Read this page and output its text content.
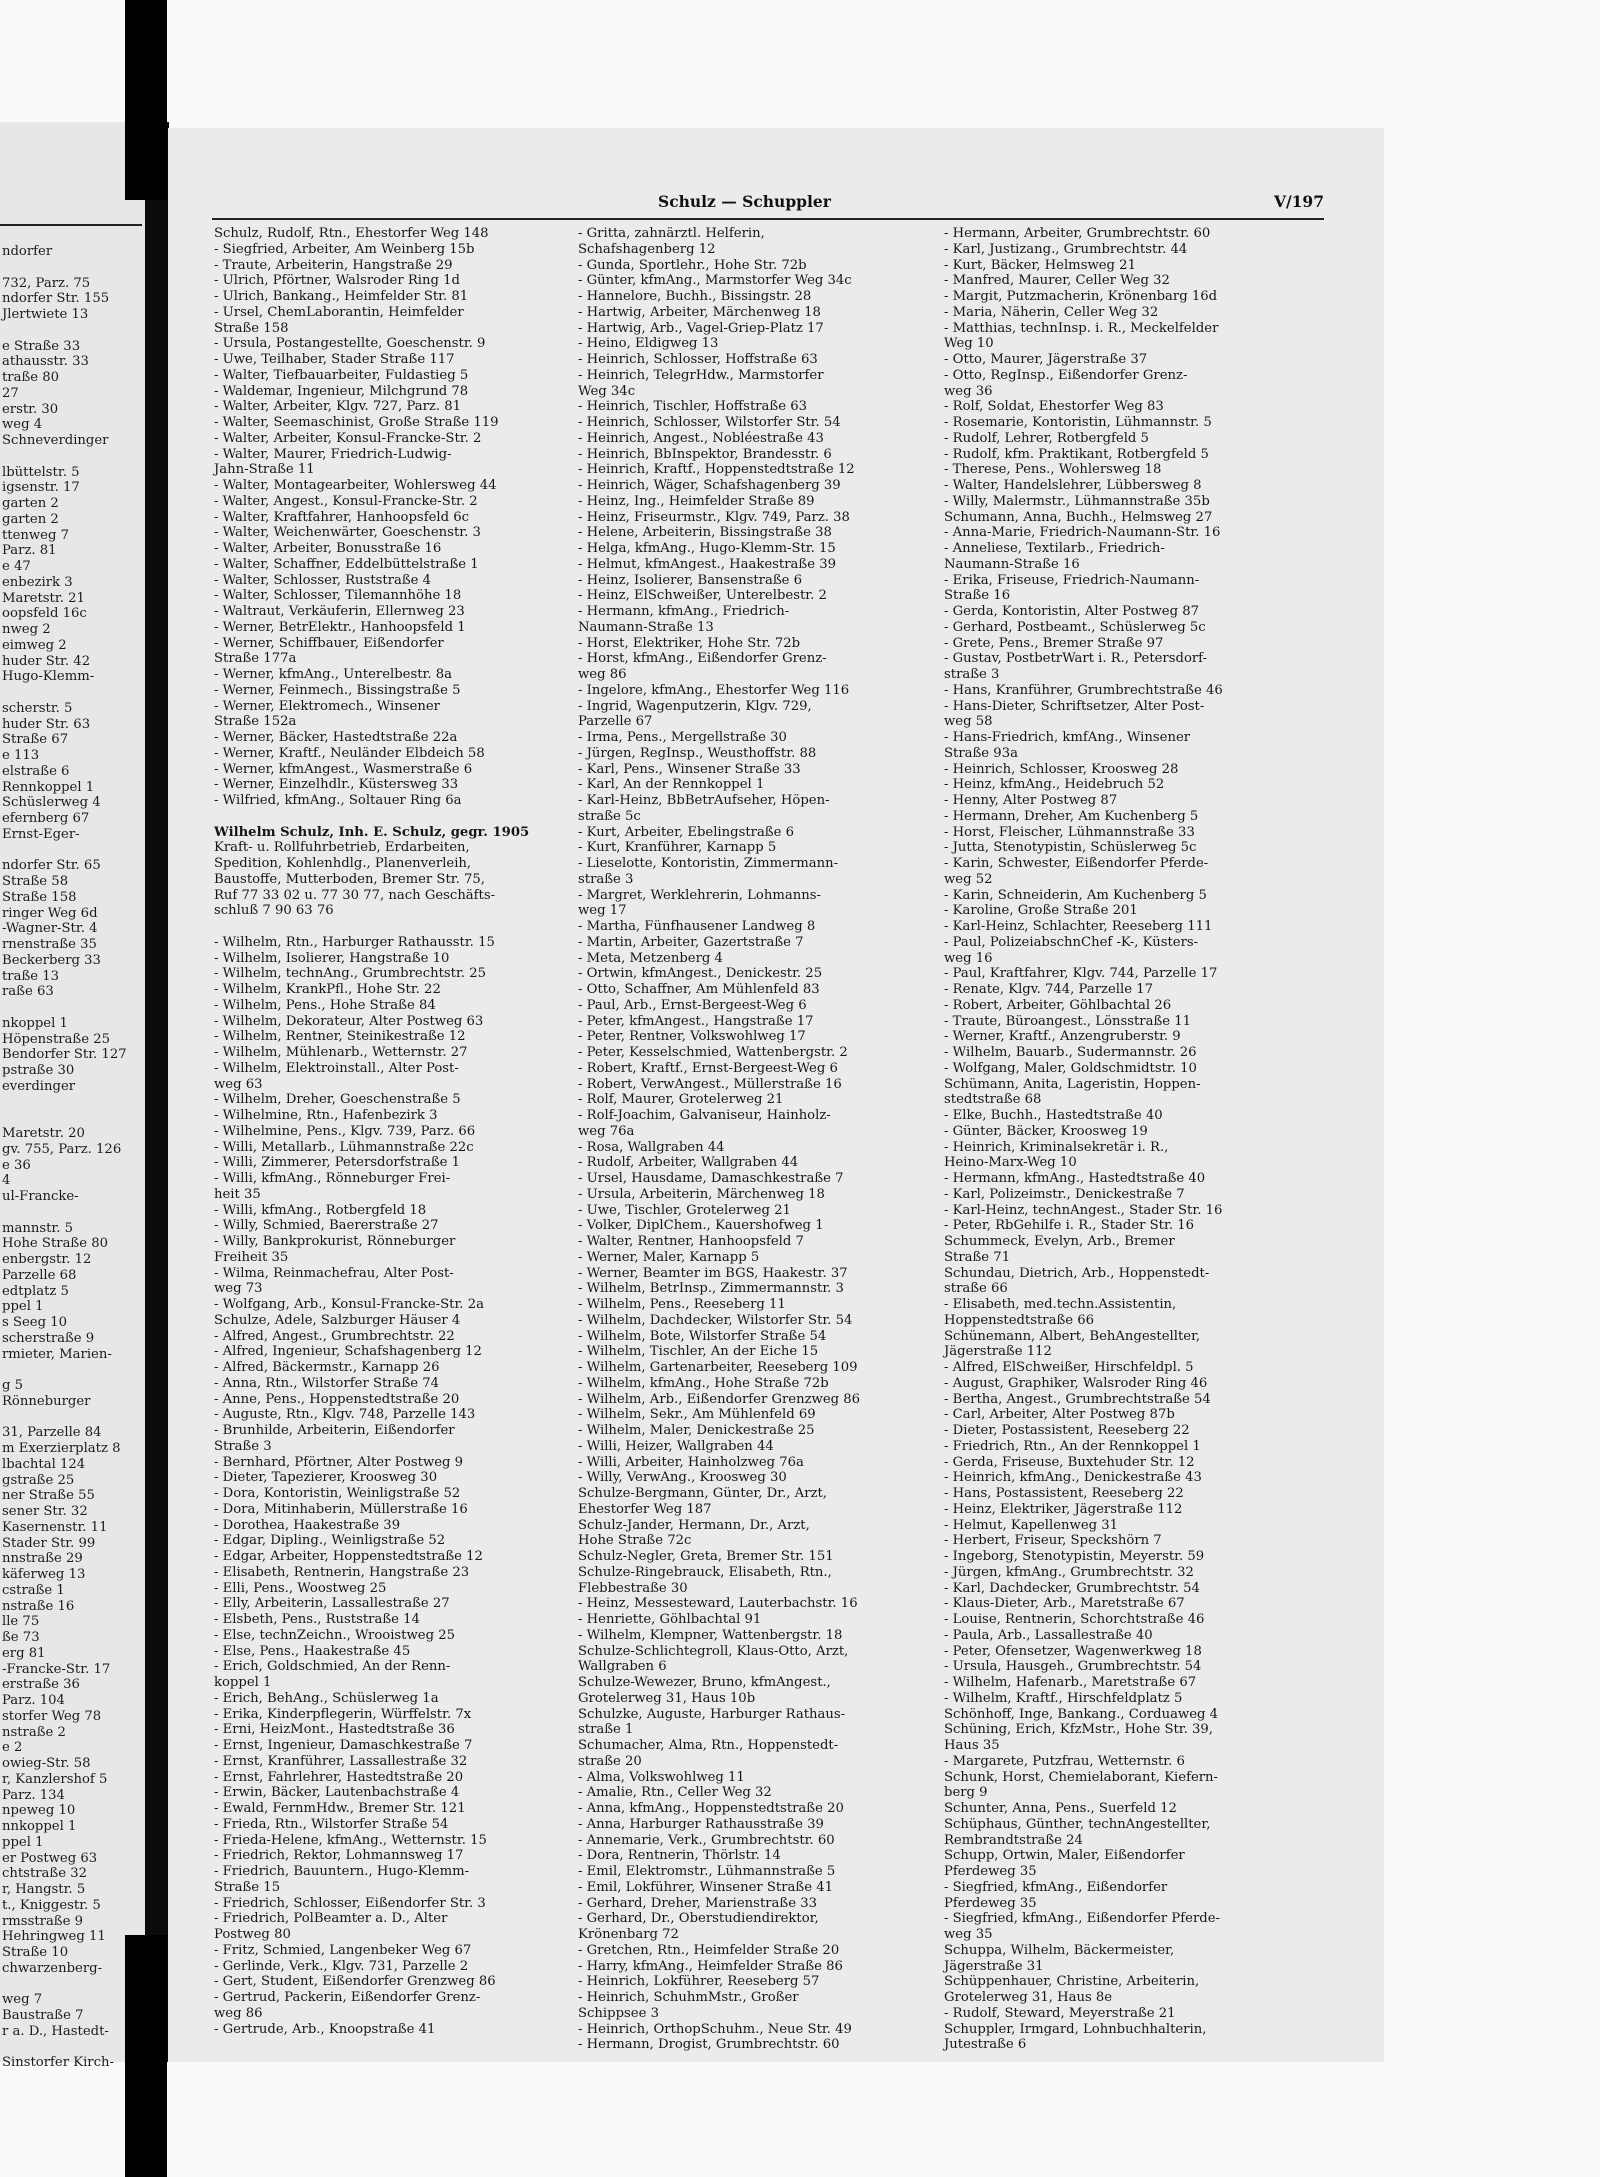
ndorfer
732, Parz. 75
ndorfer Str. 155
Jlertwiete 13
e Straße 33
athausstr. 33
traße 80
27
erstr. 30
weg 4
Schneverdinger
lbüttelstr. 5
igsenstr. 17
garten 2
garten 2
ttenweg 7
Parz. 81
e 47
enbezirk 3
Maretstr. 21
oopsfeld 16c
nweg 2
eimweg 2
huder Str. 42
Hugo-Klemm-
scherstr. 5
huder Str. 63
Straße 67
e 113
elstraße 6
Rennkoppel 1
Schüslerweg 4
efernberg 67
Ernst-Eger-
ndorfer Str. 65
Straße 58
Straße 158
ringer Weg 6d
-Wagner-Str. 4
rnenstraße 35
Beckerberg 33
traße 13
raße 63
nkoppel 1
Höpenstraße 25
Bendorfer Str. 127
pstraße 30
everdinger
Maretstr. 20
gv. 755, Parz. 126
e 36
4
ul-Francke-
mannstr. 5
Hohe Straße 80
enbergstr. 12
Parzelle 68
edtplatz 5
ppel 1
s Seeg 10
scherstraße 9
rmieter, Marien-
g 5
Rönneburger
31, Parzelle 84
m Exerzierplatz 8
lbachtal 124
gstraße 25
ner Straße 55
sener Str. 32
Kasernenstr. 11
Stader Str. 99
nnstraße 29
käferweg 13
cstraße 1
nstraße 16
lle 75
ße 73
erg 81
-Francke-Str. 17
erstraße 36
Parz. 104
storfer Weg 78
nstraße 2
e 2
owieg-Str. 58
r, Kanzlershof 5
Parz. 134
npeweg 10
nnkoppel 1
ppel 1
er Postweg 63
chtstraße 32
r, Hangstr. 5
t., Kniggestr. 5
rmsstraße 9
Hehringweg 11
Straße 10
chwarzenberg-
weg 7
Baustraße 7
r a. D., Hastedt-
Sinstorfer Kirch-
Schulz — Schuppler	V/197
Schulz, Rudolf, Rtn., Ehestorfer Weg 148
- Siegfried, Arbeiter, Am Weinberg 15b
- Traute, Arbeiterin, Hangstraße 29
- Ulrich, Pförtner, Walsroder Ring 1d
- Ulrich, Bankang., Heimfelder Str. 81
- Ursel, ChemLaborantin, Heimfelder
Straße 158
- Ursula, Postangestellte, Goeschenstr. 9
- Uwe, Teilhaber, Stader Straße 117
- Walter, Tiefbauarbeiter, Fuldastieg 5
- Waldemar, Ingenieur, Milchgrund 78
- Walter, Arbeiter, Klgv. 727, Parz. 81
- Walter, Seemaschinist, Große Straße 119
- Walter, Arbeiter, Konsul-Francke-Str. 2
- Walter, Maurer, Friedrich-Ludwig-
Jahn-Straße 11
- Walter, Montagearbeiter, Wohlersweg 44
- Walter, Angest., Konsul-Francke-Str. 2
- Walter, Kraftfahrer, Hanhoopsfeld 6c
- Walter, Weichenwärter, Goeschenstr. 3
- Walter, Arbeiter, Bonusstraße 16
- Walter, Schaffner, Eddelbüttelstraße 1
- Walter, Schlosser, Ruststraße 4
- Walter, Schlosser, Tilemannhöhe 18
- Waltraut, Verkäuferin, Ellernweg 23
- Werner, BetrElektr., Hanhoopsfeld 1
- Werner, Schiffbauer, Eißendorfer
Straße 177a
- Werner, kfmAng., Unterelbestr. 8a
- Werner, Feinmech., Bissingstraße 5
- Werner, Elektromech., Winsener
Straße 152a
- Werner, Bäcker, Hastedtstraße 22a
- Werner, Kraftf., Neuländer Elbdeich 58
- Werner, kfmAngest., Wasmerstraße 6
- Werner, Einzelhdlr., Küstersweg 33
- Wilfried, kfmAng., Soltauer Ring 6a
Wilhelm Schulz, Inh. E. Schulz, gegr. 1905
Kraft- u. Rollfuhrbetrieb, Erdarbeiten,
Spedition, Kohlenhdlg., Planenverleih,
Baustoffe, Mutterboden, Bremer Str. 75,
Ruf 77 33 02 u. 77 30 77, nach Geschäfts-
schluß 7 90 63 76
- Wilhelm, Rtn., Harburger Rathausstr. 15
- Wilhelm, Isolierer, Hangstraße 10
- Wilhelm, technAng., Grumbrechtstr. 25
- Wilhelm, KrankPfl., Hohe Str. 22
- Wilhelm, Pens., Hohe Straße 84
- Wilhelm, Dekorateur, Alter Postweg 63
- Wilhelm, Rentner, Steinikestraße 12
- Wilhelm, Mühlenarb., Wetternstr. 27
- Wilhelm, Elektroinstall., Alter Post-
weg 63
- Wilhelm, Dreher, Goeschenstraße 5
- Wilhelmine, Rtn., Hafenbezirk 3
- Wilhelmine, Pens., Klgv. 739, Parz. 66
- Willi, Metallarb., Lühmannstraße 22c
- Willi, Zimmerer, Petersdorfstraße 1
- Willi, kfmAng., Rönneburger Frei-
heit 35
- Willi, kfmAng., Rotbergfeld 18
- Willy, Schmied, Baererstraße 27
- Willy, Bankprokurist, Rönneburger
Freiheit 35
- Wilma, Reinmachefrau, Alter Post-
weg 73
- Wolfgang, Arb., Konsul-Francke-Str. 2a
Schulze, Adele, Salzburger Häuser 4
- Alfred, Angest., Grumbrechtstr. 22
- Alfred, Ingenieur, Schafshagenberg 12
- Alfred, Bäckermstr., Karnapp 26
- Anna, Rtn., Wilstorfer Straße 74
- Anne, Pens., Hoppenstedtstraße 20
- Auguste, Rtn., Klgv. 748, Parzelle 143
- Brunhilde, Arbeiterin, Eißendorfer
Straße 3
- Bernhard, Pförtner, Alter Postweg 9
- Dieter, Tapezierer, Kroosweg 30
- Dora, Kontoristin, Weinligstraße 52
- Dora, Mitinhaberin, Müllerstraße 16
- Dorothea, Haakestraße 39
- Edgar, Dipling., Weinligstraße 52
- Edgar, Arbeiter, Hoppenstedtstraße 12
- Elisabeth, Rentnerin, Hangstraße 23
- Elli, Pens., Woostweg 25
- Elly, Arbeiterin, Lassallestraße 27
- Elsbeth, Pens., Ruststraße 14
- Else, technZeichn., Wrooistweg 25
- Else, Pens., Haakestraße 45
- Erich, Goldschmied, An der Renn-
koppel 1
- Erich, BehAng., Schüslerweg 1a
- Erika, Kinderpflegerin, Würffelstr. 7x
- Erni, HeizMont., Hastedtstraße 36
- Ernst, Ingenieur, Damaschkestraße 7
- Ernst, Kranführer, Lassallestraße 32
- Ernst, Fahrlehrer, Hastedtstraße 20
- Erwin, Bäcker, Lautenbachstraße 4
- Ewald, FernmHdw., Bremer Str. 121
- Frieda, Rtn., Wilstorfer Straße 54
- Frieda-Helene, kfmAng., Wetternstr. 15
- Friedrich, Rektor, Lohmannsweg 17
- Friedrich, Bauuntern., Hugo-Klemm-
Straße 15
- Friedrich, Schlosser, Eißendorfer Str. 3
- Friedrich, PolBeamter a. D., Alter
Postweg 80
- Fritz, Schmied, Langenbeker Weg 67
- Gerlinde, Verk., Klgv. 731, Parzelle 2
- Gert, Student, Eißendorfer Grenzweg 86
- Gertrud, Packerin, Eißendorfer Grenz-
weg 86
- Gertrude, Arb., Knoopstraße 41
- Gritta, zahnärztl. Helferin,
Schafshagenberg 12
- Gunda, Sportlehr., Hohe Str. 72b
- Günter, kfmAng., Marmstorfer Weg 34c
- Hannelore, Buchh., Bissingstr. 28
- Hartwig, Arbeiter, Märchenweg 18
- Hartwig, Arb., Vagel-Griep-Platz 17
- Heino, Eldigweg 13
- Heinrich, Schlosser, Hoffstraße 63
- Heinrich, TelegrHdw., Marmstorfer
Weg 34c
- Heinrich, Tischler, Hoffstraße 63
- Heinrich, Schlosser, Wilstorfer Str. 54
- Heinrich, Angest., Nobléestraße 43
- Heinrich, BbInspektor, Brandesstr. 6
- Heinrich, Kraftf., Hoppenstedtstraße 12
- Heinrich, Wäger, Schafshagenberg 39
- Heinz, Ing., Heimfelder Straße 89
- Heinz, Friseurmstr., Klgv. 749, Parz. 38
- Helene, Arbeiterin, Bissingstraße 38
- Helga, kfmAng., Hugo-Klemm-Str. 15
- Helmut, kfmAngest., Haakestraße 39
- Heinz, Isolierer, Bansenstraße 6
- Heinz, ElSchweißer, Unterelbestr. 2
- Hermann, kfmAng., Friedrich-
Naumann-Straße 13
- Horst, Elektriker, Hohe Str. 72b
- Horst, kfmAng., Eißendorfer Grenz-
weg 86
- Ingelore, kfmAng., Ehestorfer Weg 116
- Ingrid, Wagenputzerin, Klgv. 729,
Parzelle 67
- Irma, Pens., Mergellstraße 30
- Jürgen, RegInsp., Weusthoffstr. 88
- Karl, Pens., Winsener Straße 33
- Karl, An der Rennkoppel 1
- Karl-Heinz, BbBetrAufseher, Höpen-
straße 5c
- Kurt, Arbeiter, Ebelingstraße 6
- Kurt, Kranführer, Karnapp 5
- Lieselotte, Kontoristin, Zimmermann-
straße 3
- Margret, Werklehrerin, Lohmanns-
weg 17
- Martha, Fünfhausener Landweg 8
- Martin, Arbeiter, Gazertstraße 7
- Meta, Metzenberg 4
- Ortwin, kfmAngest., Denickestr. 25
- Otto, Schaffner, Am Mühlenfeld 83
- Paul, Arb., Ernst-Bergeest-Weg 6
- Peter, kfmAngest., Hangstraße 17
- Peter, Rentner, Volkswohlweg 17
- Peter, Kesselschmied, Wattenbergstr. 2
- Robert, Kraftf., Ernst-Bergeest-Weg 6
- Robert, VerwAngest., Müllerstraße 16
- Rolf, Maurer, Grotelerweg 21
- Rolf-Joachim, Galvaniseur, Hainholz-
weg 76a
- Rosa, Wallgraben 44
- Rudolf, Arbeiter, Wallgraben 44
- Ursel, Hausdame, Damaschkestraße 7
- Ursula, Arbeiterin, Märchenweg 18
- Uwe, Tischler, Grotelerweg 21
- Volker, DiplChem., Kauershofweg 1
- Walter, Rentner, Hanhoopsfeld 7
- Werner, Maler, Karnapp 5
- Werner, Beamter im BGS, Haakestr. 37
- Wilhelm, BetrInsp., Zimmermannstr. 3
- Wilhelm, Pens., Reeseberg 11
- Wilhelm, Dachdecker, Wilstorfer Str. 54
- Wilhelm, Bote, Wilstorfer Straße 54
- Wilhelm, Tischler, An der Eiche 15
- Wilhelm, Gartenarbeiter, Reeseberg 109
- Wilhelm, kfmAng., Hohe Straße 72b
- Wilhelm, Arb., Eißendorfer Grenzweg 86
- Wilhelm, Sekr., Am Mühlenfeld 69
- Wilhelm, Maler, Denickestraße 25
- Willi, Heizer, Wallgraben 44
- Willi, Arbeiter, Hainholzweg 76a
- Willy, VerwAng., Kroosweg 30
Schulze-Bergmann, Günter, Dr., Arzt,
Ehestorfer Weg 187
Schulz-Jander, Hermann, Dr., Arzt,
Hohe Straße 72c
Schulz-Negler, Greta, Bremer Str. 151
Schulze-Ringebrauck, Elisabeth, Rtn.,
Flebbestraße 30
- Heinz, Messesteward, Lauterbachstr. 16
- Henriette, Göhlbachtal 91
- Wilhelm, Klempner, Wattenbergstr. 18
Schulze-Schlichtegroll, Klaus-Otto, Arzt,
Wallgraben 6
Schulze-Wewezer, Bruno, kfmAngest.,
Grotelerweg 31, Haus 10b
Schulzke, Auguste, Harburger Rathaus-
straße 1
Schumacher, Alma, Rtn., Hoppenstedt-
straße 20
- Alma, Volkswohlweg 11
- Amalie, Rtn., Celler Weg 32
- Anna, kfmAng., Hoppenstedtstraße 20
- Anna, Harburger Rathausstraße 39
- Annemarie, Verk., Grumbrechtstr. 60
- Dora, Rentnerin, Thörlstr. 14
- Emil, Elektromstr., Lühmannstraße 5
- Emil, Lokführer, Winsener Straße 41
- Gerhard, Dreher, Marienstraße 33
- Gerhard, Dr., Oberstudiendirektor,
Krönenbarg 72
- Gretchen, Rtn., Heimfelder Straße 20
- Harry, kfmAng., Heimfelder Straße 86
- Heinrich, Lokführer, Reeseberg 57
- Heinrich, SchuhmMstr., Großer
Schippsee 3
- Heinrich, OrthopSchuhm., Neue Str. 49
- Hermann, Drogist, Grumbrechtstr. 60
- Hermann, Arbeiter, Grumbrechtstr. 60
- Karl, Justizang., Grumbrechtstr. 44
- Kurt, Bäcker, Helmsweg 21
- Manfred, Maurer, Celler Weg 32
- Margit, Putzmacherin, Krönenbarg 16d
- Maria, Näherin, Celler Weg 32
- Matthias, technInsp. i. R., Meckelfelder
Weg 10
- Otto, Maurer, Jägerstraße 37
- Otto, RegInsp., Eißendorfer Grenz-
weg 36
- Rolf, Soldat, Ehestorfer Weg 83
- Rosemarie, Kontoristin, Lühmannstr. 5
- Rudolf, Lehrer, Rotbergfeld 5
- Rudolf, kfm. Praktikant, Rotbergfeld 5
- Therese, Pens., Wohlersweg 18
- Walter, Handelslehrer, Lübbersweg 8
- Willy, Malermstr., Lühmannstraße 35b
Schumann, Anna, Buchh., Helmsweg 27
- Anna-Marie, Friedrich-Naumann-Str. 16
- Anneliese, Textilarb., Friedrich-
Naumann-Straße 16
- Erika, Friseuse, Friedrich-Naumann-
Straße 16
- Gerda, Kontoristin, Alter Postweg 87
- Gerhard, Postbeamt., Schüslerweg 5c
- Grete, Pens., Bremer Straße 97
- Gustav, PostbetrWart i. R., Petersdorf-
straße 3
- Hans, Kranführer, Grumbrechtstraße 46
- Hans-Dieter, Schriftsetzer, Alter Post-
weg 58
- Hans-Friedrich, kmfAng., Winsener
Straße 93a
- Heinrich, Schlosser, Kroosweg 28
- Heinz, kfmAng., Heidebruch 52
- Henny, Alter Postweg 87
- Hermann, Dreher, Am Kuchenberg 5
- Horst, Fleischer, Lühmannstraße 33
- Jutta, Stenotypistin, Schüslerweg 5c
- Karin, Schwester, Eißendorfer Pferde-
weg 52
- Karin, Schneiderin, Am Kuchenberg 5
- Karoline, Große Straße 201
- Karl-Heinz, Schlachter, Reeseberg 111
- Paul, PolizeiabschnChef -K-, Küsters-
weg 16
- Paul, Kraftfahrer, Klgv. 744, Parzelle 17
- Renate, Klgv. 744, Parzelle 17
- Robert, Arbeiter, Göhlbachtal 26
- Traute, Büroangest., Lönsstraße 11
- Werner, Kraftf., Anzengruberstr. 9
- Wilhelm, Bauarb., Sudermannstr. 26
- Wolfgang, Maler, Goldschmidtstr. 10
Schümann, Anita, Lageristin, Hoppen-
stedtstraße 68
- Elke, Buchh., Hastedtstraße 40
- Günter, Bäcker, Kroosweg 19
- Heinrich, Kriminalsekretär i. R.,
Heino-Marx-Weg 10
- Hermann, kfmAng., Hastedtstraße 40
- Karl, Polizeimstr., Denickestraße 7
- Karl-Heinz, technAngest., Stader Str. 16
- Peter, RbGehilfe i. R., Stader Str. 16
Schummeck, Evelyn, Arb., Bremer
Straße 71
Schundau, Dietrich, Arb., Hoppenstedt-
straße 66
- Elisabeth, med.techn.Assistentin,
Hoppenstedtstraße 66
Schünemann, Albert, BehAngestellter,
Jägerstraße 112
- Alfred, ElSchweißer, Hirschfeldpl. 5
- August, Graphiker, Walsroder Ring 46
- Bertha, Angest., Grumbrechtstraße 54
- Carl, Arbeiter, Alter Postweg 87b
- Dieter, Postassistent, Reeseberg 22
- Friedrich, Rtn., An der Rennkoppel 1
- Gerda, Friseuse, Buxtehuder Str. 12
- Heinrich, kfmAng., Denickestraße 43
- Hans, Postassistent, Reeseberg 22
- Heinz, Elektriker, Jägerstraße 112
- Helmut, Kapellenweg 31
- Herbert, Friseur, Speckshörn 7
- Ingeborg, Stenotypistin, Meyerstr. 59
- Jürgen, kfmAng., Grumbrechtstr. 32
- Karl, Dachdecker, Grumbrechtstr. 54
- Klaus-Dieter, Arb., Maretstraße 67
- Louise, Rentnerin, Schorchtstraße 46
- Paula, Arb., Lassallestraße 40
- Peter, Ofensetzer, Wagenwerkweg 18
- Ursula, Hausgeh., Grumbrechtstr. 54
- Wilhelm, Hafenarb., Maretstraße 67
- Wilhelm, Kraftf., Hirschfeldplatz 5
Schönhoff, Inge, Bankang., Corduaweg 4
Schüning, Erich, KfzMstr., Hohe Str. 39,
Haus 35
- Margarete, Putzfrau, Wetternstr. 6
Schunk, Horst, Chemielaborant, Kiefern-
berg 9
Schunter, Anna, Pens., Suerfeld 12
Schüphaus, Günther, technAngestellter,
Rembrandtstraße 24
Schupp, Ortwin, Maler, Eißendorfer
Pferdeweg 35
- Siegfried, kfmAng., Eißendorfer
Pferdeweg 35
- Siegfried, kfmAng., Eißendorfer Pferde-
weg 35
Schuppa, Wilhelm, Bäckermeister,
Jägerstraße 31
Schüppenhauer, Christine, Arbeiterin,
Grotelerweg 31, Haus 8e
- Rudolf, Steward, Meyerstraße 21
Schuppler, Irmgard, Lohnbuchhalterin,
Jutestraße 6
